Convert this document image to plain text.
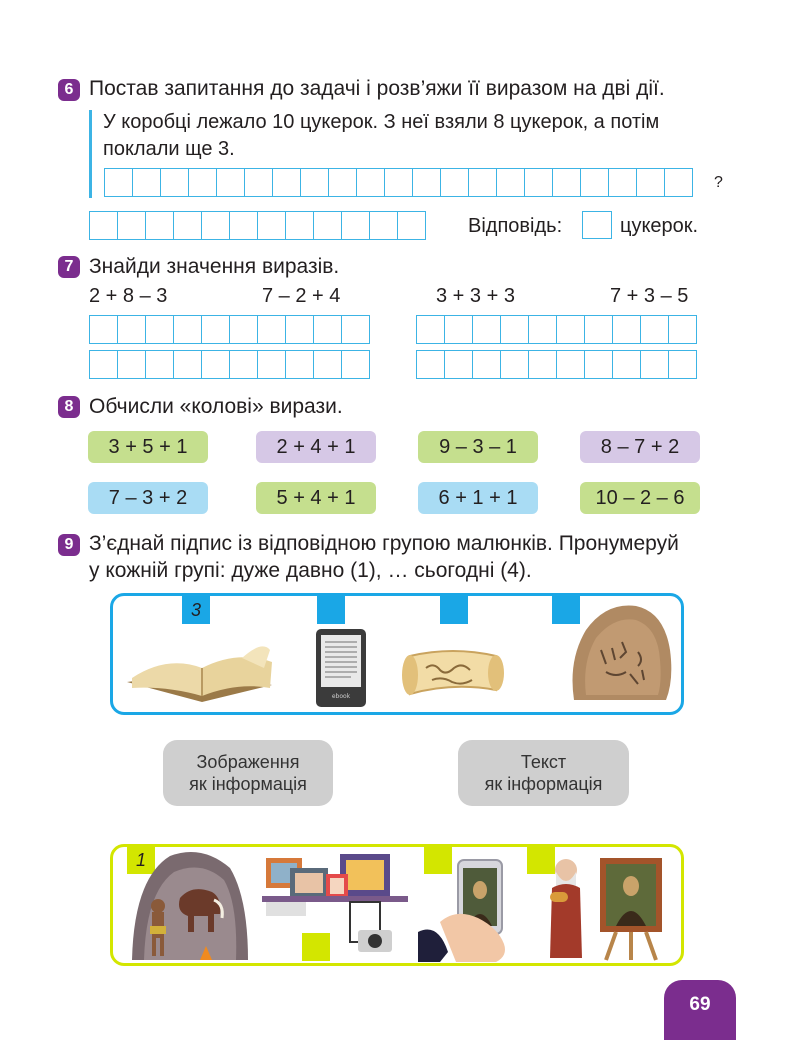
6 Постав запитання до задачі і розв’яжи її виразом на дві дії.
У коробці лежало 10 цукерок. З неї взяли 8 цукерок, а потім
поклали ще 3.
?
Відповідь:	цукерок.
7 Знайди значення виразів.
2 + 8 – 3	7 – 2 + 4	3 + 3 + 3	7 + 3 – 5
8 Обчисли «колові» вирази.
3 + 5 + 1	2 + 4 + 1	9 – 3 – 1	8 – 7 + 2
7 – 3 + 2	5 + 4 + 1	6 + 1 + 1	10 – 2 – 6
9 З’єднай підпис із відповідною групою малюнків. Пронумеруй
у кожній групі: дуже давно (1), … сьогодні (4).
3
ebook
Зображення
як інформація
Текст
як інформація
1
69
